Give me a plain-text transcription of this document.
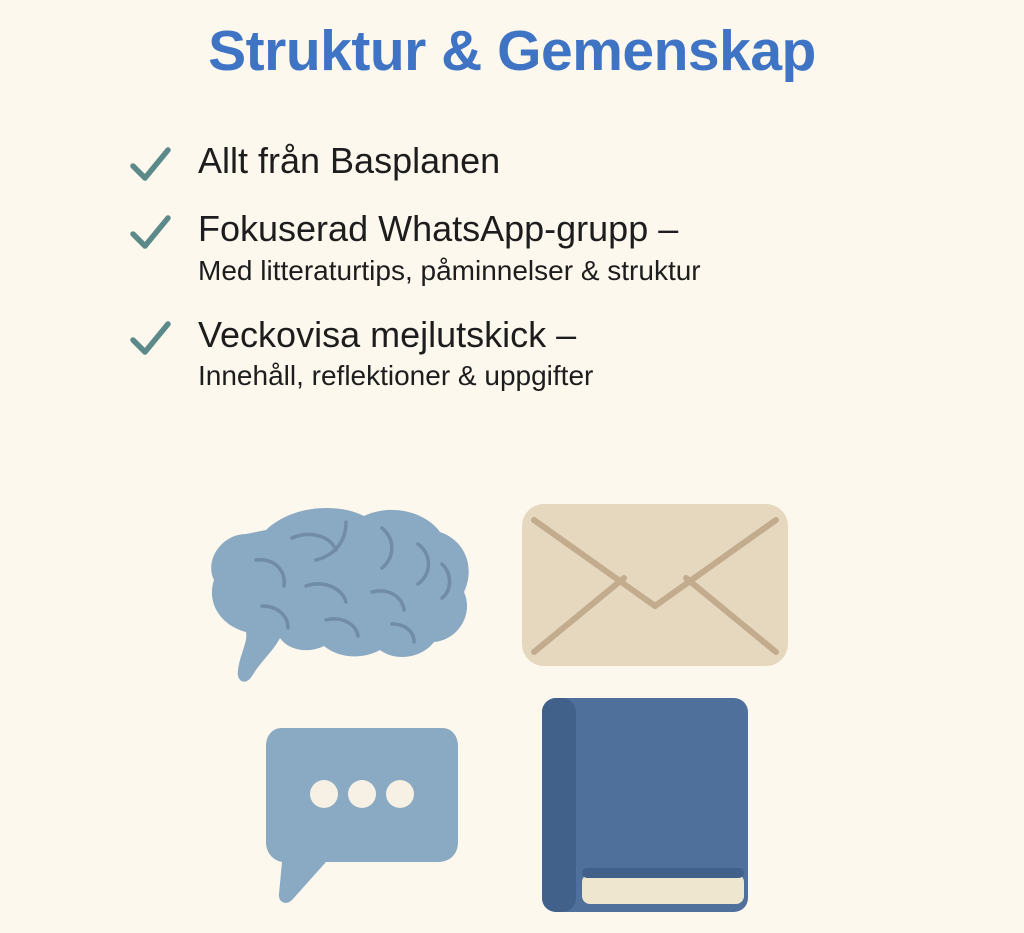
Struktur & Gemenskap
Allt från Basplanen
Fokuserad WhatsApp-grupp –
Med litteraturtips, påminnelser & struktur
Veckovisa mejlutskick –
Innehåll, reflektioner & uppgifter
